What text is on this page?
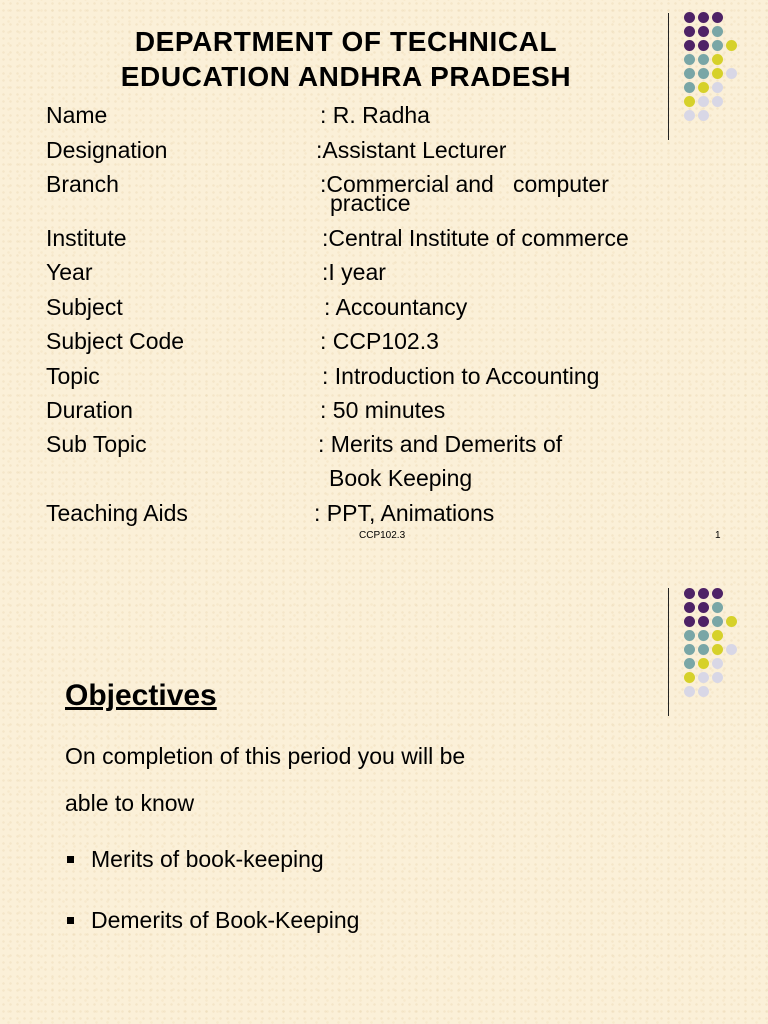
DEPARTMENT OF TECHNICAL
EDUCATION ANDHRA PRADESH
Name	: R. Radha
Designation	:Assistant Lecturer
Branch	:Commercial and   computer
practice
Institute	:Central Institute of commerce
Year	:I year
Subject	: Accountancy
Subject Code	: CCP102.3
Topic	: Introduction to Accounting
Duration	: 50 minutes
Sub Topic	: Merits and Demerits of
Book Keeping
Teaching Aids	: PPT, Animations
CCP102.3	1
Objectives
On completion of this period you will be
able to know
Merits of book-keeping
Demerits of Book-Keeping
